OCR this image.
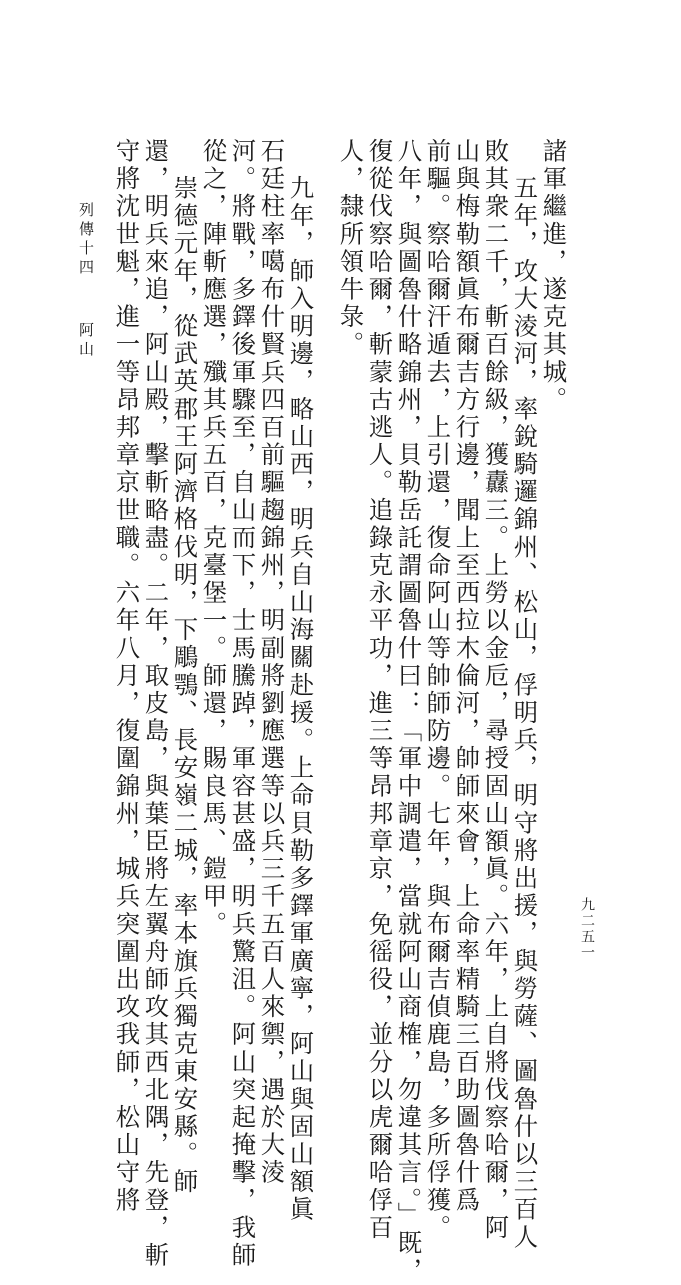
列傳十四
阿山
九二五一
諸軍繼進，遂克其城。
五年，攻大淩河，率銳騎邏錦州、松山，俘明兵，明守將出援，與勞薩、圖魯什以三百人
敗其衆二千，斬百餘級，獲纛三。上勞以金卮，尋授固山額眞。六年，上自將伐察哈爾，阿
山與梅勒額眞布爾吉方行邊，聞上至西拉木倫河，帥師來會，上命率精騎三百助圖魯什爲
前驅。察哈爾汗遁去，上引還，復命阿山等帥師防邊。七年，與布爾吉偵鹿島，多所俘獲。
八年，與圖魯什略錦州，貝勒岳託謂圖魯什曰：「軍中調遣，當就阿山商榷，勿違其言。」既，
復從伐察哈爾，斬蒙古逃人。追錄克永平功，進三等昂邦章京，免徭役，並分以虎爾哈俘百
人，隸所領牛彔。
九年，師入明邊，略山西，明兵自山海關赴援。上命貝勒多鐸軍廣寧，阿山與固山額眞
石廷柱率噶布什賢兵四百前驅趨錦州，明副將劉應選等以兵三千五百人來禦，遇於大淩
河。將戰，多鐸後軍驟至，自山而下，士馬騰踔，軍容甚盛，明兵驚沮。阿山突起掩擊，我師
從之，陣斬應選，殲其兵五百，克臺堡一。師還，賜良馬、鎧甲。
崇德元年，從武英郡王阿濟格伐明，下鵰鶚、長安嶺二城，率本旗兵獨克東安縣。師
還，明兵來追，阿山殿，擊斬略盡。二年，取皮島，與葉臣將左翼舟師攻其西北隅，先登，斬
守將沈世魁，進一等昂邦章京世職。六年八月，復圍錦州，城兵突圍出攻我師，松山守將
